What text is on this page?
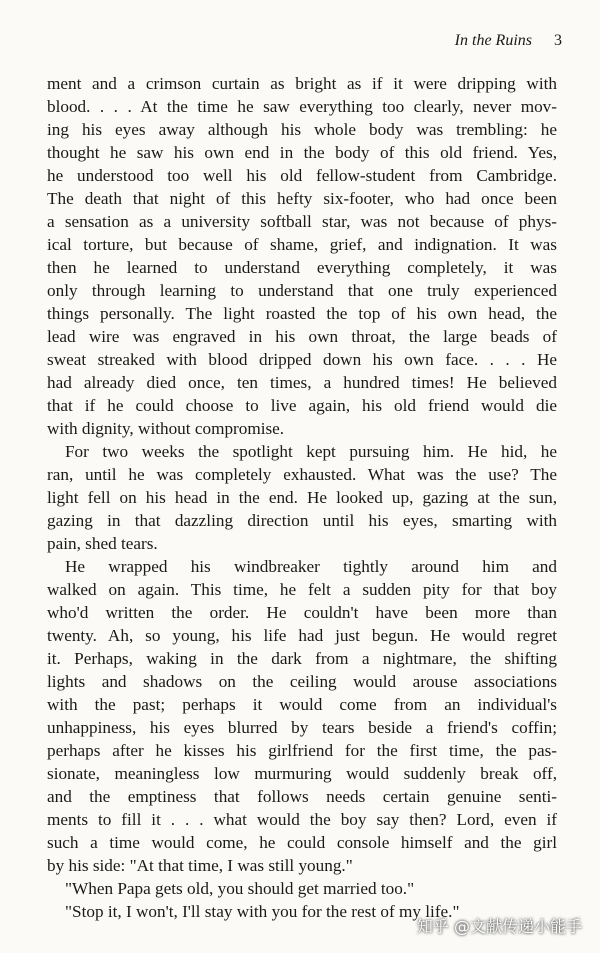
In the Ruins 3
ment and a crimson curtain as bright as if it were dripping with
blood. . . . At the time he saw everything too clearly, never mov-
ing his eyes away although his whole body was trembling: he
thought he saw his own end in the body of this old friend. Yes,
he understood too well his old fellow-student from Cambridge.
The death that night of this hefty six-footer, who had once been
a sensation as a university softball star, was not because of phys-
ical torture, but because of shame, grief, and indignation. It was
then he learned to understand everything completely, it was
only through learning to understand that one truly experienced
things personally. The light roasted the top of his own head, the
lead wire was engraved in his own throat, the large beads of
sweat streaked with blood dripped down his own face. . . . He
had already died once, ten times, a hundred times! He believed
that if he could choose to live again, his old friend would die
with dignity, without compromise.
For two weeks the spotlight kept pursuing him. He hid, he
ran, until he was completely exhausted. What was the use? The
light fell on his head in the end. He looked up, gazing at the sun,
gazing in that dazzling direction until his eyes, smarting with
pain, shed tears.
He wrapped his windbreaker tightly around him and
walked on again. This time, he felt a sudden pity for that boy
who'd written the order. He couldn't have been more than
twenty. Ah, so young, his life had just begun. He would regret
it. Perhaps, waking in the dark from a nightmare, the shifting
lights and shadows on the ceiling would arouse associations
with the past; perhaps it would come from an individual's
unhappiness, his eyes blurred by tears beside a friend's coffin;
perhaps after he kisses his girlfriend for the first time, the pas-
sionate, meaningless low murmuring would suddenly break off,
and the emptiness that follows needs certain genuine senti-
ments to fill it . . . what would the boy say then? Lord, even if
such a time would come, he could console himself and the girl
by his side: "At that time, I was still young."
"When Papa gets old, you should get married too."
"Stop it, I won't, I'll stay with you for the rest of my life."
知乎 @文献传递小能手
